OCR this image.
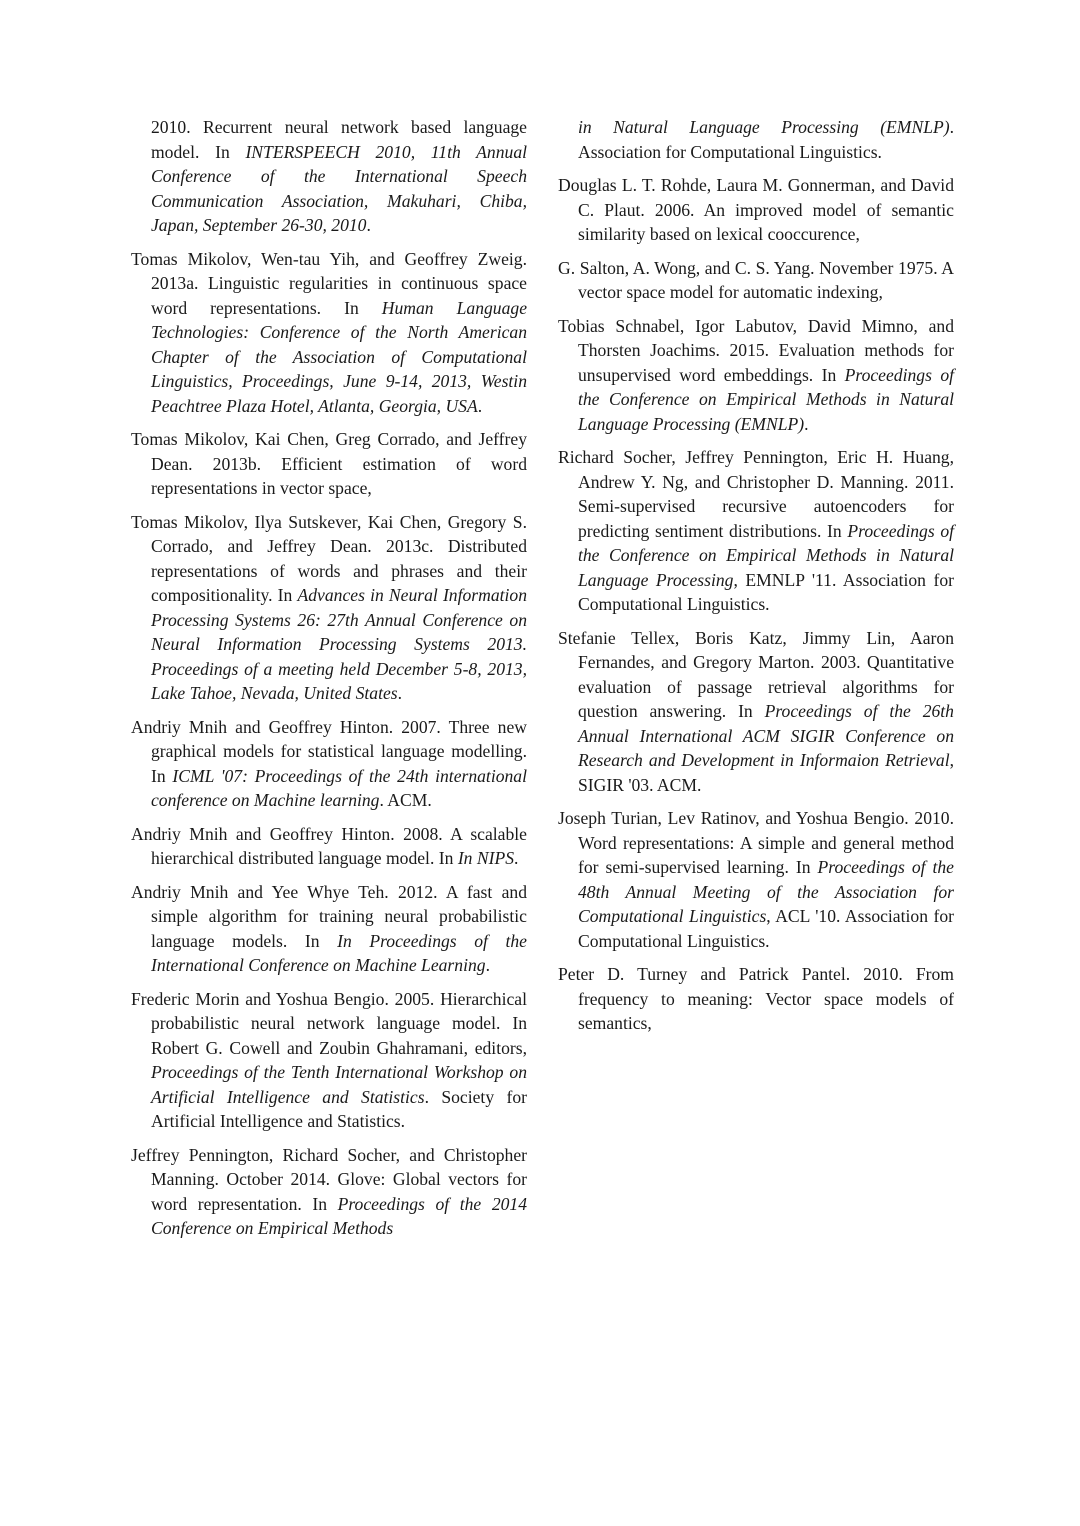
2010. Recurrent neural network based language model. In INTERSPEECH 2010, 11th Annual Conference of the International Speech Communication Association, Makuhari, Chiba, Japan, September 26-30, 2010.

Tomas Mikolov, Wen-tau Yih, and Geoffrey Zweig. 2013a. Linguistic regularities in continuous space word representations. In Human Language Technologies: Conference of the North American Chapter of the Association of Computational Linguistics, Proceedings, June 9-14, 2013, Westin Peachtree Plaza Hotel, Atlanta, Georgia, USA.

Tomas Mikolov, Kai Chen, Greg Corrado, and Jeffrey Dean. 2013b. Efficient estimation of word representations in vector space,

Tomas Mikolov, Ilya Sutskever, Kai Chen, Gregory S. Corrado, and Jeffrey Dean. 2013c. Distributed representations of words and phrases and their compositionality. In Advances in Neural Information Processing Systems 26: 27th Annual Conference on Neural Information Processing Systems 2013. Proceedings of a meeting held December 5-8, 2013, Lake Tahoe, Nevada, United States.

Andriy Mnih and Geoffrey Hinton. 2007. Three new graphical models for statistical language modelling. In ICML '07: Proceedings of the 24th international conference on Machine learning. ACM.

Andriy Mnih and Geoffrey Hinton. 2008. A scalable hierarchical distributed language model. In In NIPS.

Andriy Mnih and Yee Whye Teh. 2012. A fast and simple algorithm for training neural probabilistic language models. In In Proceedings of the International Conference on Machine Learning.

Frederic Morin and Yoshua Bengio. 2005. Hierarchical probabilistic neural network language model. In Robert G. Cowell and Zoubin Ghahramani, editors, Proceedings of the Tenth International Workshop on Artificial Intelligence and Statistics. Society for Artificial Intelligence and Statistics.

Jeffrey Pennington, Richard Socher, and Christopher Manning. October 2014. Glove: Global vectors for word representation. In Proceedings of the 2014 Conference on Empirical Methods

in Natural Language Processing (EMNLP). Association for Computational Linguistics.

Douglas L. T. Rohde, Laura M. Gonnerman, and David C. Plaut. 2006. An improved model of semantic similarity based on lexical cooccurence,

G. Salton, A. Wong, and C. S. Yang. November 1975. A vector space model for automatic indexing,

Tobias Schnabel, Igor Labutov, David Mimno, and Thorsten Joachims. 2015. Evaluation methods for unsupervised word embeddings. In Proceedings of the Conference on Empirical Methods in Natural Language Processing (EMNLP).

Richard Socher, Jeffrey Pennington, Eric H. Huang, Andrew Y. Ng, and Christopher D. Manning. 2011. Semi-supervised recursive autoencoders for predicting sentiment distributions. In Proceedings of the Conference on Empirical Methods in Natural Language Processing, EMNLP '11. Association for Computational Linguistics.

Stefanie Tellex, Boris Katz, Jimmy Lin, Aaron Fernandes, and Gregory Marton. 2003. Quantitative evaluation of passage retrieval algorithms for question answering. In Proceedings of the 26th Annual International ACM SIGIR Conference on Research and Development in Informaion Retrieval, SIGIR '03. ACM.

Joseph Turian, Lev Ratinov, and Yoshua Bengio. 2010. Word representations: A simple and general method for semi-supervised learning. In Proceedings of the 48th Annual Meeting of the Association for Computational Linguistics, ACL '10. Association for Computational Linguistics.

Peter D. Turney and Patrick Pantel. 2010. From frequency to meaning: Vector space models of semantics,
